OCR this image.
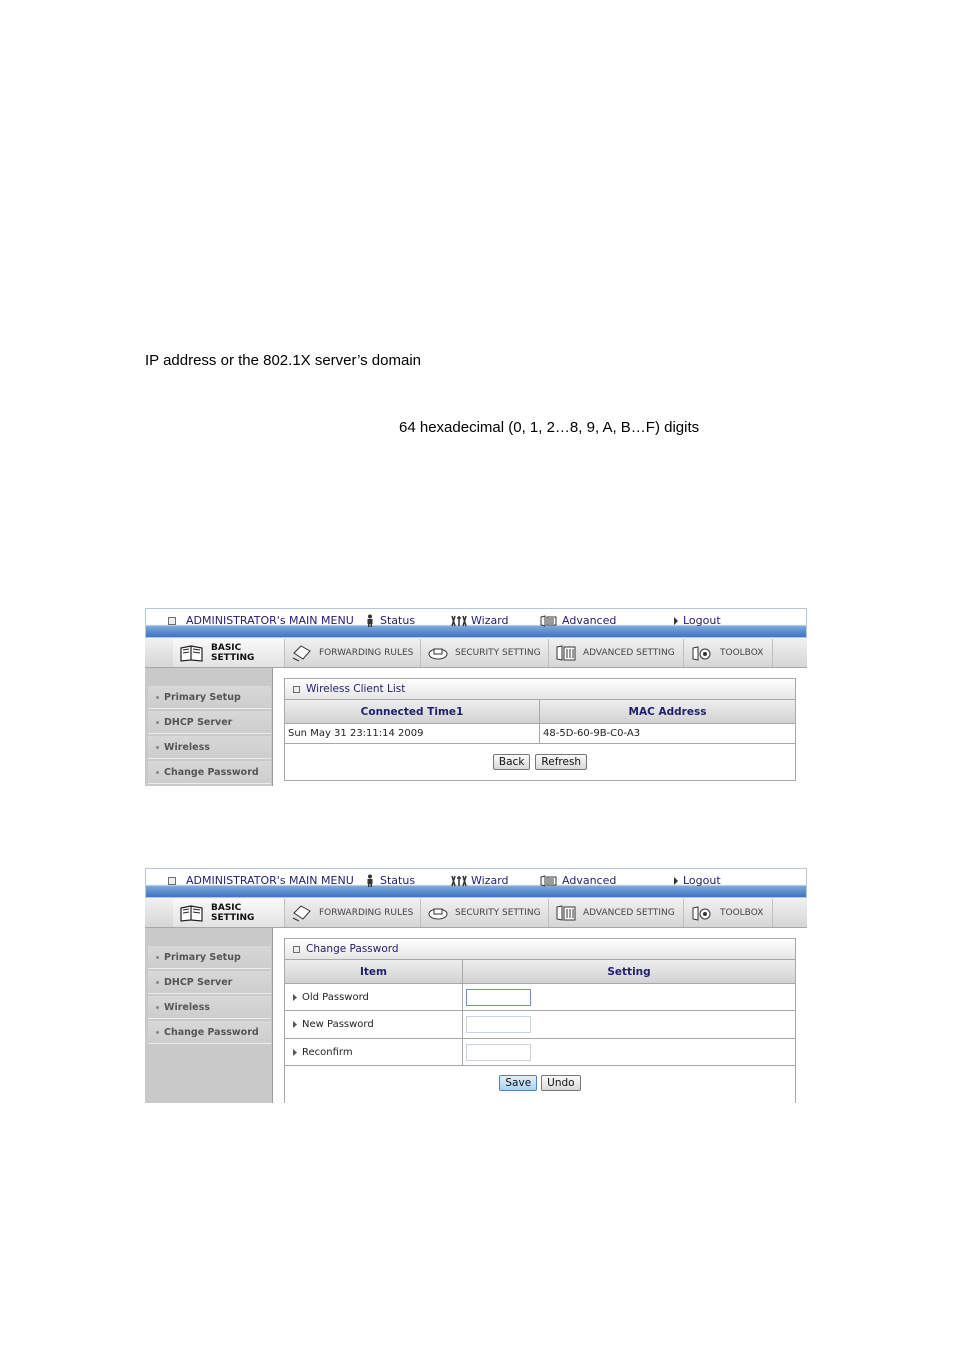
IP address or the 802.1X server’s domain
64 hexadecimal (0, 1, 2…8, 9, A, B…F) digits
ADMINISTRATOR's MAIN MENU Status	Wizard	Advanced	Logout
BASIC SETTING	FORWARDING RULES	SECURITY SETTING	ADVANCED SETTING	TOOLBOX
Primary Setup
DHCP Server
Wireless
Change Password
Wireless Client List
Connected Time1	MAC Address
Sun May 31 23:11:14 2009	48-5D-60-9B-C0-A3
Back	Refresh
ADMINISTRATOR's MAIN MENU Status	Wizard	Advanced	Logout
BASIC SETTING	FORWARDING RULES	SECURITY SETTING	ADVANCED SETTING	TOOLBOX
Primary Setup
DHCP Server
Wireless
Change Password
Change Password
Item	Setting
Old Password
New Password
Reconfirm
Save	Undo
